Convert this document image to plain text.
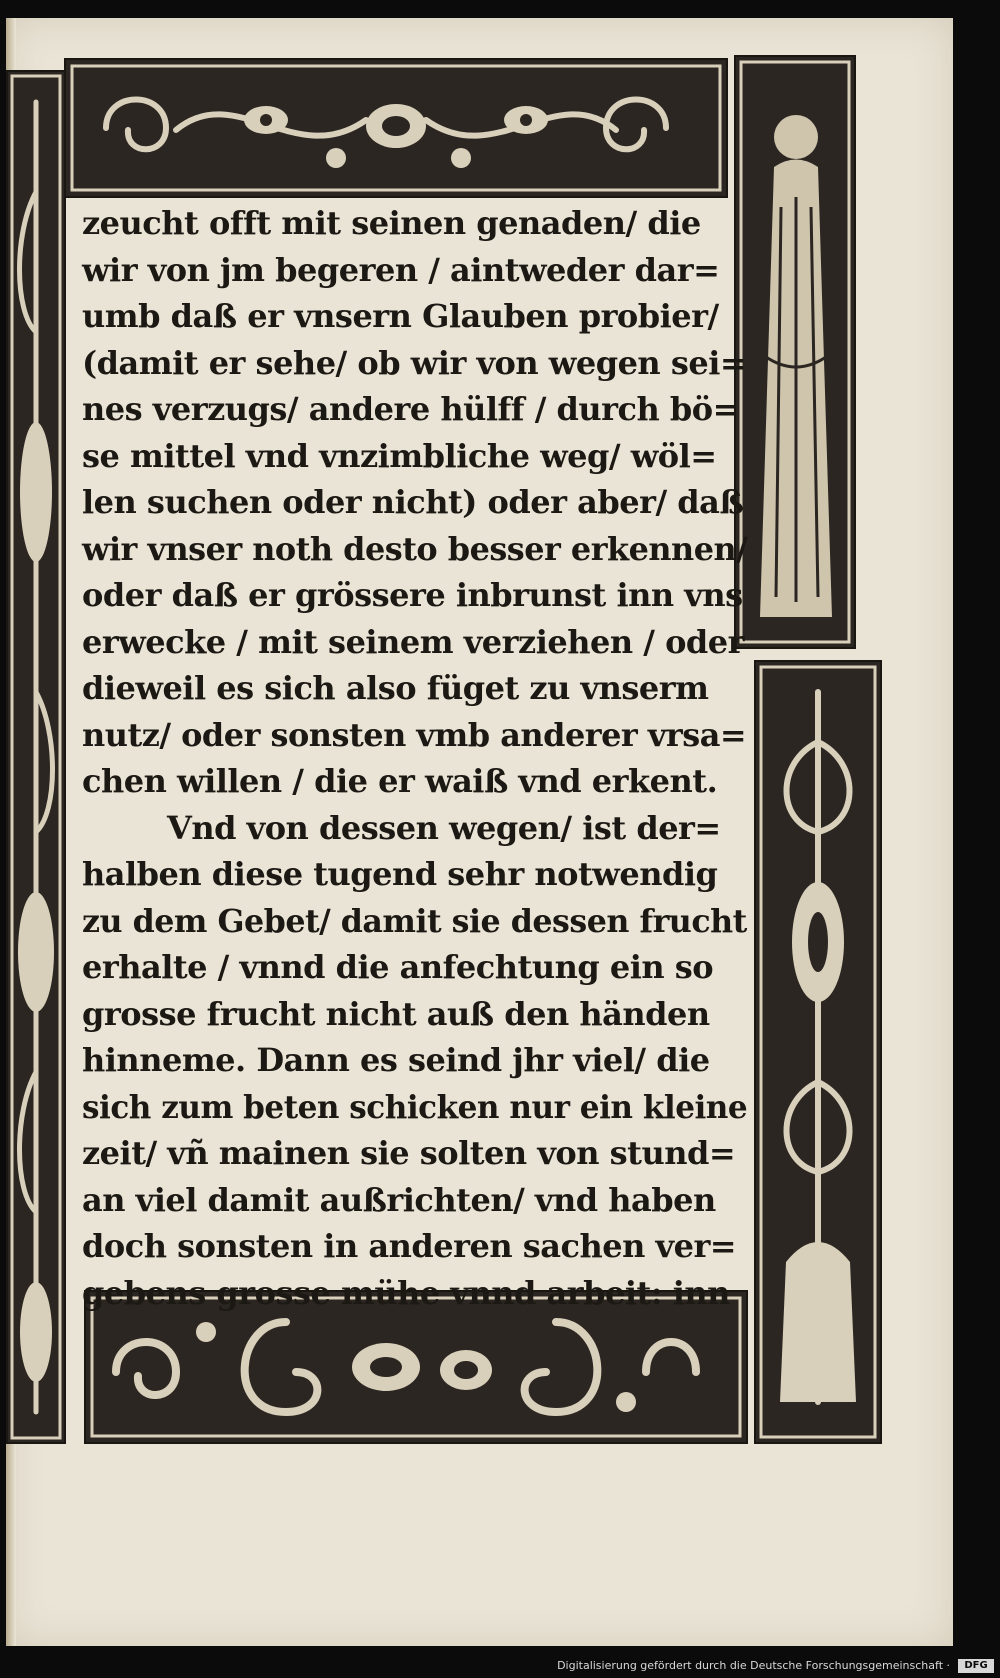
zeucht offt mit seinen genaden/ die
wir von jm begeren / aintweder dar=
umb daß er vnsern Glauben probier/
(damit er sehe/ ob wir von wegen sei=
nes verzugs/ andere hülff / durch bö=
se mittel vnd vnzimbliche weg/ wöl=
len suchen oder nicht) oder aber/ daß
wir vnser noth desto besser erkennen/
oder daß er grössere inbrunst inn vns
erwecke / mit seinem verziehen / oder
dieweil es sich also füget zu vnserm
nutz/ oder sonsten vmb anderer vrsa=
chen willen / die er waiß vnd erkent.
Vnd von dessen wegen/ ist der=
halben diese tugend sehr notwendig
zu dem Gebet/ damit sie dessen frucht
erhalte / vnnd die anfechtung ein so
grosse frucht nicht auß den händen
hinneme. Dann es seind jhr viel/ die
sich zum beten schicken nur ein kleine
zeit/ vñ mainen sie solten von stund=
an viel damit außrichten/ vnd haben
doch sonsten in anderen sachen ver=
gebens grosse mühe vnnd arbeit: inn
Digitalisierung gefördert durch die Deutsche Forschungsgemeinschaft ·	DFG
